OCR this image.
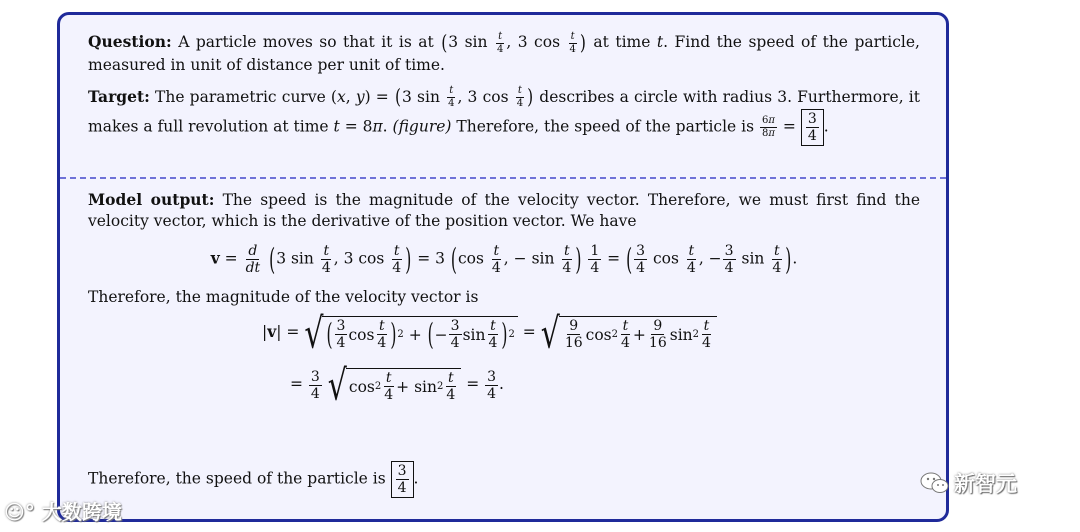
Question: A particle moves so that it is at (3 $\sin \frac{t}{4}$ , 3 $\cos \frac{t}{4}$ ) at time t. Find the speed of the particle, measured in unit of distance per unit of time.

Target: The parametric curve (x, y) = (3 $\sin \frac{t}{4}$ , 3 $\cos \frac{t}{4}$ ) describes a circle with radius 3. Furthermore, it makes a full revolution at time t = 8π. (figure) Therefore, the speed of the particle is $\frac{6\pi}{8\pi} = 3$
4
.

Model output: The speed is the magnitude of the velocity vector. Therefore, we must first find the velocity vector, which is the derivative of the position vector. We have

$v = \frac{d}{dt} (3$ $\sin \frac{t}{4}$ , 3 $\cos \frac{t}{4}$ ) = 3 ($\cos \frac{t}{4}$ , − $\sin \frac{t}{4}$ ) $\frac{1}{4}$ = ( $\frac{3}{4}$ $\cos \frac{t}{4}$ , − $\frac{3}{4}$ $\sin \frac{t}{4}$ ).

Therefore, the magnitude of the velocity vector is

|v| = √ ( 3
4 cos t
4 ) 2 + ( − 3
4 sin t
4 ) 2 = √ 9
16 cos 2
t
4 + 9
16 sin 2
t
4
= $\frac{3}{4}$
√ cos 2
t
4 + sin 2
t
4
= $\frac{3}{4}$ .

Therefore, the speed of the particle is 3
4
.

☺° 大数跨境
新智元
